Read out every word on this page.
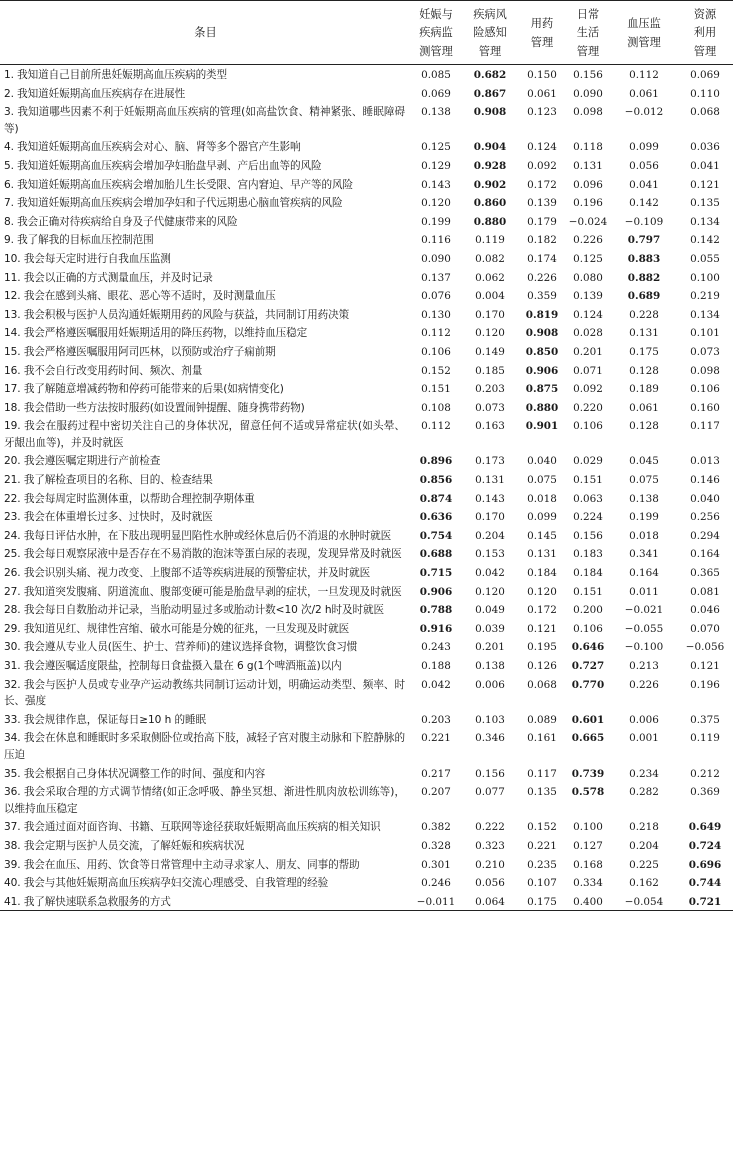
条目	妊娠与
疾病监
测管理	疾病风
险感知
管理	用药
管理	日常
生活
管理	血压监
测管理	资源
利用
管理

1. 我知道自己目前所患妊娠期高血压疾病的类型	0.085	0.682	0.150	0.156	0.112	0.069
2. 我知道妊娠期高血压疾病存在进展性	0.069	0.867	0.061	0.090	0.061	0.110
3. 我知道哪些因素不利于妊娠期高血压疾病的管理(如高盐饮食、精神紧张、睡眠障碍等)	0.138	0.908	0.123	0.098	−0.012	0.068
4. 我知道妊娠期高血压疾病会对心、脑、肾等多个器官产生影响	0.125	0.904	0.124	0.118	0.099	0.036
5. 我知道妊娠期高血压疾病会增加孕妇胎盘早剥、产后出血等的风险	0.129	0.928	0.092	0.131	0.056	0.041
6. 我知道妊娠期高血压疾病会增加胎儿生长受限、宫内窘迫、早产等的风险	0.143	0.902	0.172	0.096	0.041	0.121
7. 我知道妊娠期高血压疾病会增加孕妇和子代远期患心脑血管疾病的风险	0.120	0.860	0.139	0.196	0.142	0.135
8. 我会正确对待疾病给自身及子代健康带来的风险	0.199	0.880	0.179	−0.024	−0.109	0.134
9. 我了解我的目标血压控制范围	0.116	0.119	0.182	0.226	0.797	0.142
10. 我会每天定时进行自我血压监测	0.090	0.082	0.174	0.125	0.883	0.055
11. 我会以正确的方式测量血压，并及时记录	0.137	0.062	0.226	0.080	0.882	0.100
12. 我会在感到头痛、眼花、恶心等不适时，及时测量血压	0.076	0.004	0.359	0.139	0.689	0.219
13. 我会积极与医护人员沟通妊娠期用药的风险与获益，共同制订用药决策	0.130	0.170	0.819	0.124	0.228	0.134
14. 我会严格遵医嘱服用妊娠期适用的降压药物，以维持血压稳定	0.112	0.120	0.908	0.028	0.131	0.101
15. 我会严格遵医嘱服用阿司匹林，以预防或治疗子痫前期	0.106	0.149	0.850	0.201	0.175	0.073
16. 我不会自行改变用药时间、频次、剂量	0.152	0.185	0.906	0.071	0.128	0.098
17. 我了解随意增减药物和停药可能带来的后果(如病情变化)	0.151	0.203	0.875	0.092	0.189	0.106
18. 我会借助一些方法按时服药(如设置闹钟提醒、随身携带药物)	0.108	0.073	0.880	0.220	0.061	0.160
19. 我会在服药过程中密切关注自己的身体状况，留意任何不适或异常症状(如头晕、牙龈出血等)，并及时就医	0.112	0.163	0.901	0.106	0.128	0.117
20. 我会遵医嘱定期进行产前检查	0.896	0.173	0.040	0.029	0.045	0.013
21. 我了解检查项目的名称、目的、检查结果	0.856	0.131	0.075	0.151	0.075	0.146
22. 我会每周定时监测体重，以帮助合理控制孕期体重	0.874	0.143	0.018	0.063	0.138	0.040
23. 我会在体重增长过多、过快时，及时就医	0.636	0.170	0.099	0.224	0.199	0.256
24. 我每日评估水肿，在下肢出现明显凹陷性水肿或经休息后仍不消退的水肿时就医	0.754	0.204	0.145	0.156	0.018	0.294
25. 我会每日观察尿液中是否存在不易消散的泡沫等蛋白尿的表现，发现异常及时就医	0.688	0.153	0.131	0.183	0.341	0.164
26. 我会识别头痛、视力改变、上腹部不适等疾病进展的预警症状，并及时就医	0.715	0.042	0.184	0.184	0.164	0.365
27. 我知道突发腹痛、阴道流血、腹部变硬可能是胎盘早剥的症状，一旦发现及时就医	0.906	0.120	0.120	0.151	0.011	0.081
28. 我会每日自数胎动并记录，当胎动明显过多或胎动计数<10 次/2 h时及时就医	0.788	0.049	0.172	0.200	−0.021	0.046
29. 我知道见红、规律性宫缩、破水可能是分娩的征兆，一旦发现及时就医	0.916	0.039	0.121	0.106	−0.055	0.070
30. 我会遵从专业人员(医生、护士、营养师)的建议选择食物，调整饮食习惯	0.243	0.201	0.195	0.646	−0.100	−0.056
31. 我会遵医嘱适度限盐，控制每日食盐摄入量在 6 g(1个啤酒瓶盖)以内	0.188	0.138	0.126	0.727	0.213	0.121
32. 我会与医护人员或专业孕产运动教练共同制订运动计划，明确运动类型、频率、时长、强度	0.042	0.006	0.068	0.770	0.226	0.196
33. 我会规律作息，保证每日≥10 h 的睡眠	0.203	0.103	0.089	0.601	0.006	0.375
34. 我会在休息和睡眠时多采取侧卧位或抬高下肢，减轻子宫对腹主动脉和下腔静脉的压迫	0.221	0.346	0.161	0.665	0.001	0.119
35. 我会根据自己身体状况调整工作的时间、强度和内容	0.217	0.156	0.117	0.739	0.234	0.212
36. 我会采取合理的方式调节情绪(如正念呼吸、静坐冥想、渐进性肌肉放松训练等)，以维持血压稳定	0.207	0.077	0.135	0.578	0.282	0.369
37. 我会通过面对面咨询、书籍、互联网等途径获取妊娠期高血压疾病的相关知识	0.382	0.222	0.152	0.100	0.218	0.649
38. 我会定期与医护人员交流，了解妊娠和疾病状况	0.328	0.323	0.221	0.127	0.204	0.724
39. 我会在血压、用药、饮食等日常管理中主动寻求家人、朋友、同事的帮助	0.301	0.210	0.235	0.168	0.225	0.696
40. 我会与其他妊娠期高血压疾病孕妇交流心理感受、自我管理的经验	0.246	0.056	0.107	0.334	0.162	0.744
41. 我了解快速联系急救服务的方式	−0.011	0.064	0.175	0.400	−0.054	0.721
